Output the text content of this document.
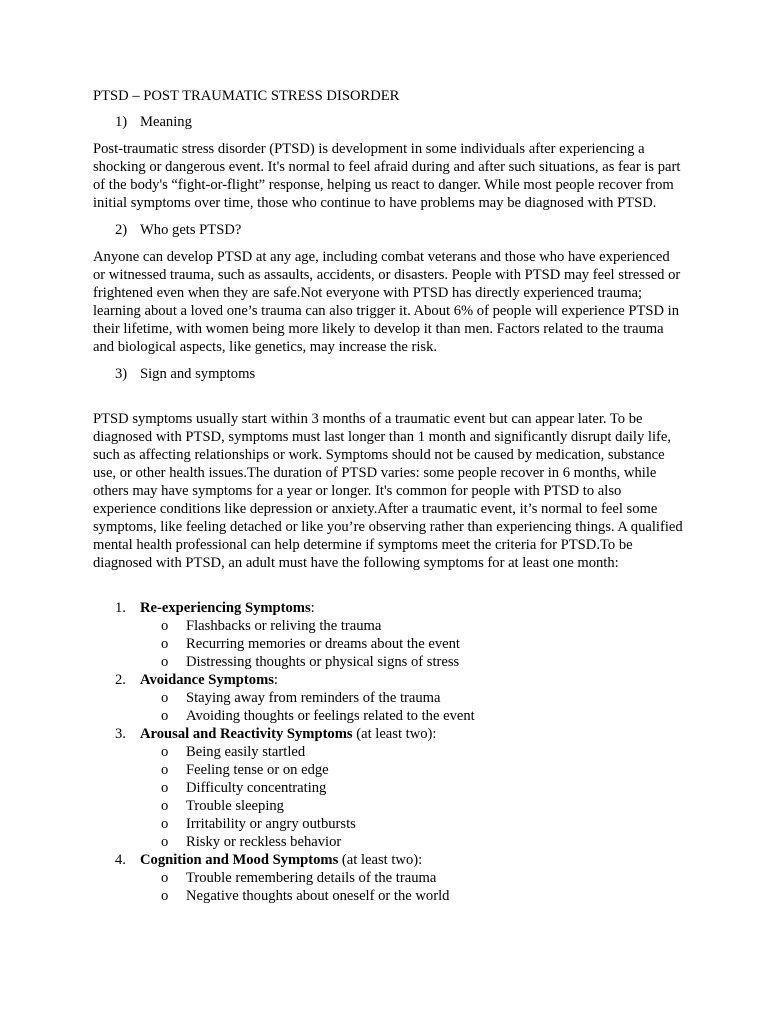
PTSD – POST TRAUMATIC STRESS DISORDER
1) Meaning

Post-traumatic stress disorder (PTSD) is development in some individuals after experiencing a shocking or dangerous event. It's normal to feel afraid during and after such situations, as fear is part of the body's “fight-or-flight” response, helping us react to danger. While most people recover from initial symptoms over time, those who continue to have problems may be diagnosed with PTSD.

2) Who gets PTSD?

Anyone can develop PTSD at any age, including combat veterans and those who have experienced or witnessed trauma, such as assaults, accidents, or disasters. People with PTSD may feel stressed or frightened even when they are safe.Not everyone with PTSD has directly experienced trauma; learning about a loved one’s trauma can also trigger it. About 6% of people will experience PTSD in their lifetime, with women being more likely to develop it than men. Factors related to the trauma and biological aspects, like genetics, may increase the risk.

3) Sign and symptoms

PTSD symptoms usually start within 3 months of a traumatic event but can appear later. To be diagnosed with PTSD, symptoms must last longer than 1 month and significantly disrupt daily life, such as affecting relationships or work. Symptoms should not be caused by medication, substance use, or other health issues.The duration of PTSD varies: some people recover in 6 months, while others may have symptoms for a year or longer. It's common for people with PTSD to also experience conditions like depression or anxiety.After a traumatic event, it’s normal to feel some symptoms, like feeling detached or like you’re observing rather than experiencing things. A qualified mental health professional can help determine if symptoms meet the criteria for PTSD.To be diagnosed with PTSD, an adult must have the following symptoms for at least one month:

1. Re-experiencing Symptoms:
o	Flashbacks or reliving the trauma
o	Recurring memories or dreams about the event
o	Distressing thoughts or physical signs of stress
2. Avoidance Symptoms:
o	Staying away from reminders of the trauma
o	Avoiding thoughts or feelings related to the event
3. Arousal and Reactivity Symptoms (at least two):
o	Being easily startled
o	Feeling tense or on edge
o	Difficulty concentrating
o	Trouble sleeping
o	Irritability or angry outbursts
o	Risky or reckless behavior
4. Cognition and Mood Symptoms (at least two):
o	Trouble remembering details of the trauma
o	Negative thoughts about oneself or the world
